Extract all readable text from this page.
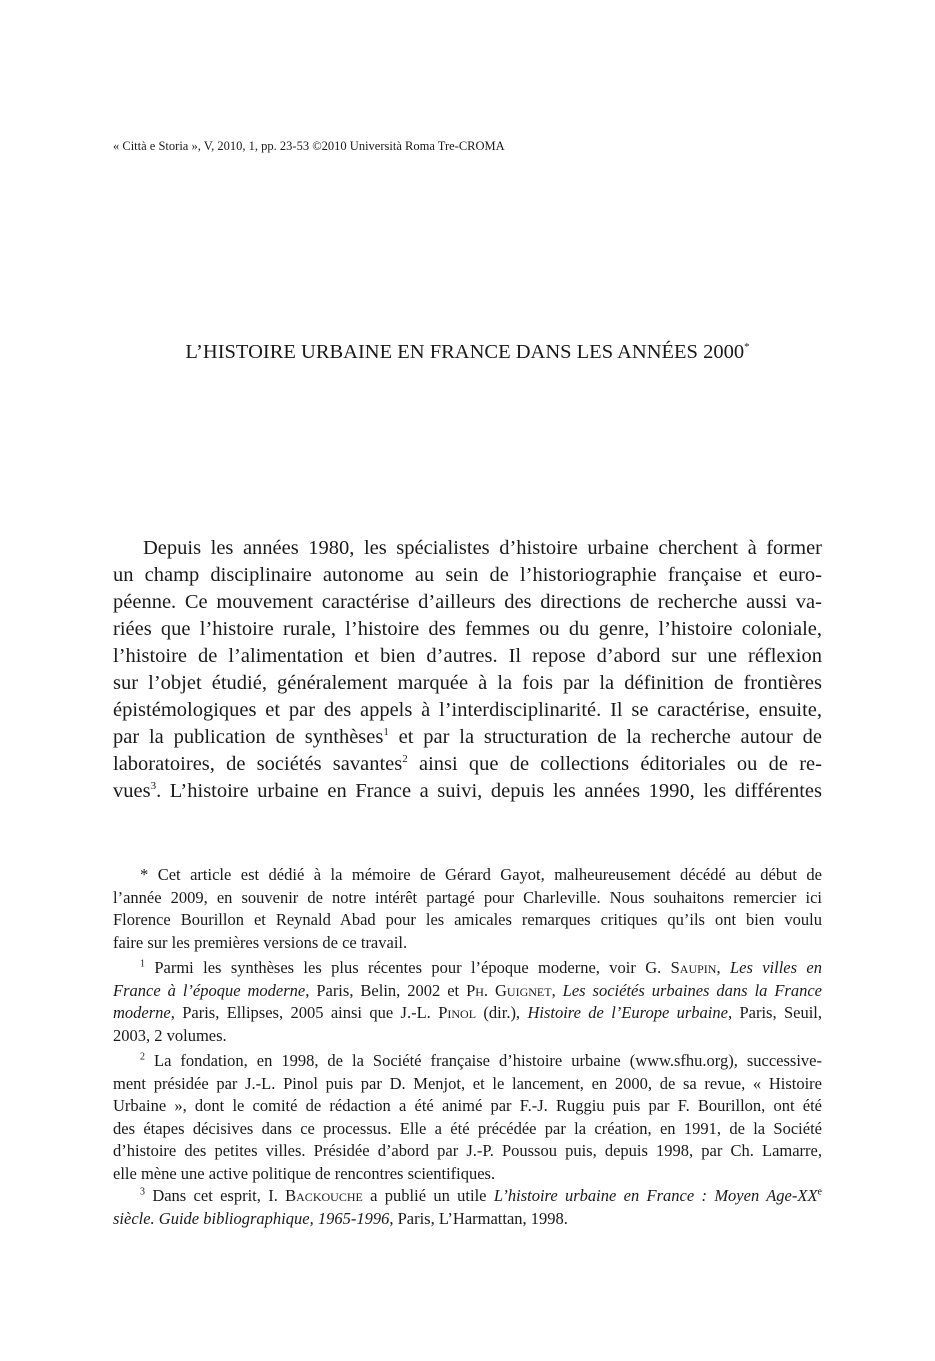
« Città e Storia », V, 2010, 1, pp. 23-53 ©2010 Università Roma Tre-CROMA
L’HISTOIRE URBAINE EN FRANCE DANS LES ANNÉES 2000*
Depuis les années 1980, les spécialistes d’histoire urbaine cherchent à former
un champ disciplinaire autonome au sein de l’historiographie française et euro-
péenne. Ce mouvement caractérise d’ailleurs des directions de recherche aussi va-
riées que l’histoire rurale, l’histoire des femmes ou du genre, l’histoire coloniale,
l’histoire de l’alimentation et bien d’autres. Il repose d’abord sur une réflexion
sur l’objet étudié, généralement marquée à la fois par la définition de frontières
épistémologiques et par des appels à l’interdisciplinarité. Il se caractérise, ensuite,
par la publication de synthèses$^1$ et par la structuration de la recherche autour de
laboratoires, de sociétés savantes$^2$ ainsi que de collections éditoriales ou de re-
vues$^3$. L’histoire urbaine en France a suivi, depuis les années 1990, les différentes
* Cet article est dédié à la mémoire de Gérard Gayot, malheureusement décédé au début de
l’année 2009, en souvenir de notre intérêt partagé pour Charleville. Nous souhaitons remercier ici
Florence Bourillon et Reynald Abad pour les amicales remarques critiques qu’ils ont bien voulu
faire sur les premières versions de ce travail.
$^1$ Parmi les synthèses les plus récentes pour l’époque moderne, voir G. Saupin, Les villes en
France à l’époque moderne, Paris, Belin, 2002 et Ph. Guignet, Les sociétés urbaines dans la France
moderne, Paris, Ellipses, 2005 ainsi que J.-L. Pinol (dir.), Histoire de l’Europe urbaine, Paris, Seuil,
2003, 2 volumes.
$^2$ La fondation, en 1998, de la Société française d’histoire urbaine (www.sfhu.org), successive-
ment présidée par J.-L. Pinol puis par D. Menjot, et le lancement, en 2000, de sa revue, « Histoire
Urbaine », dont le comité de rédaction a été animé par F.-J. Ruggiu puis par F. Bourillon, ont été
des étapes décisives dans ce processus. Elle a été précédée par la création, en 1991, de la Société
d’histoire des petites villes. Présidée d’abord par J.-P. Poussou puis, depuis 1998, par Ch. Lamarre,
elle mène une active politique de rencontres scientifiques.
$^3$ Dans cet esprit, I. Backouche a publié un utile L’histoire urbaine en France : Moyen Age-XXe
siècle. Guide bibliographique, 1965-1996, Paris, L’Harmattan, 1998.
